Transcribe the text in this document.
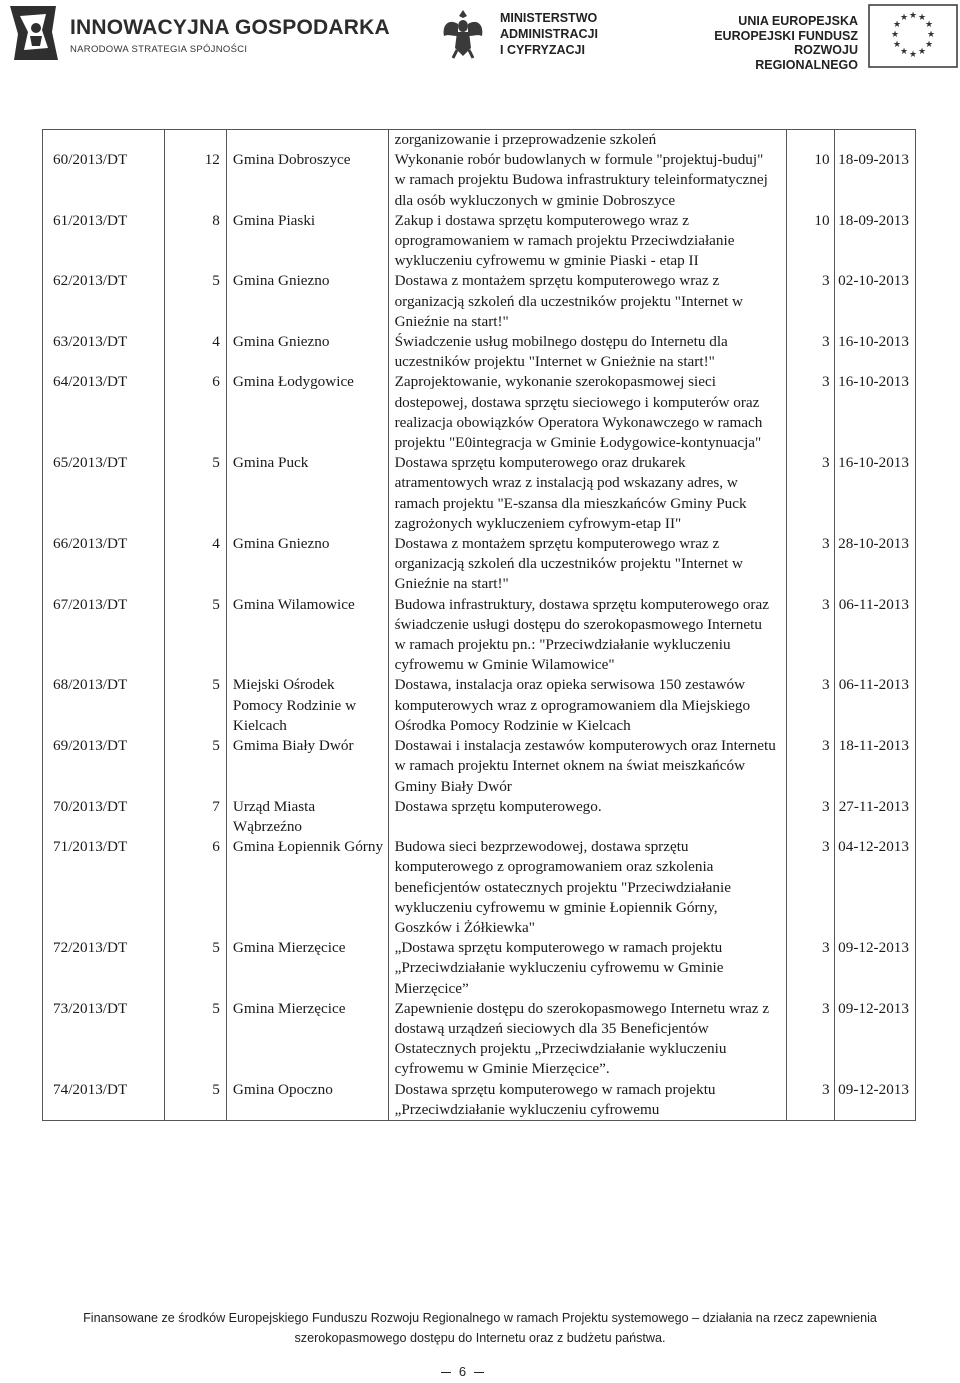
INNOWACYJNA GOSPODARKA
NARODOWA STRATEGIA SPÓJNOŚCI
MINISTERSTWO
ADMINISTRACJI
I CYFRYZACJI
UNIA EUROPEJSKA
EUROPEJSKI FUNDUSZ
ROZWOJU REGIONALNEGO
★ ★
★
★
★
★
★
★
★
★
★
★
			zorganizowanie i przeprowadzenie szkoleń		
60/2013/DT	12	Gmina Dobroszyce	Wykonanie robór budowlanych w formule "projektuj-buduj" w ramach projektu Budowa infrastruktury teleinformatycznej dla osób wykluczonych w gminie Dobroszyce	10	18-09-2013
61/2013/DT	8	Gmina Piaski	Zakup i dostawa sprzętu komputerowego wraz z oprogramowaniem w ramach projektu Przeciwdziałanie wykluczeniu cyfrowemu w gminie Piaski - etap II	10	18-09-2013
62/2013/DT	5	Gmina Gniezno	Dostawa z montażem sprzętu komputerowego wraz z organizacją szkoleń dla uczestników projektu "Internet w Gnieźnie na start!"	3	02-10-2013
63/2013/DT	4	Gmina Gniezno	Świadczenie usług mobilnego dostępu do Internetu dla uczestników projektu "Internet w Gnieżnie na start!"	3	16-10-2013
64/2013/DT	6	Gmina Łodygowice	Zaprojektowanie, wykonanie szerokopasmowej sieci dostepowej, dostawa sprzętu sieciowego i komputerów oraz realizacja obowiązków Operatora Wykonawczego w ramach projektu "E0integracja w Gminie Łodygowice-kontynuacja"	3	16-10-2013
65/2013/DT	5	Gmina Puck	Dostawa sprzętu komputerowego oraz drukarek atramentowych wraz z instalacją pod wskazany adres, w ramach projektu "E-szansa dla mieszkańców Gminy Puck zagrożonych wykluczeniem cyfrowym-etap II"	3	16-10-2013
66/2013/DT	4	Gmina Gniezno	Dostawa z montażem sprzętu komputerowego wraz z organizacją szkoleń dla uczestników projektu "Internet w Gnieźnie na start!"	3	28-10-2013
67/2013/DT	5	Gmina Wilamowice	Budowa infrastruktury, dostawa sprzętu komputerowego oraz świadczenie usługi dostępu do szerokopasmowego Internetu w ramach projektu pn.: "Przeciwdziałanie wykluczeniu cyfrowemu w Gminie Wilamowice"	3	06-11-2013
68/2013/DT	5	Miejski Ośrodek Pomocy Rodzinie w Kielcach	Dostawa, instalacja oraz opieka serwisowa 150 zestawów komputerowych wraz z oprogramowaniem dla Miejskiego Ośrodka Pomocy Rodzinie w Kielcach	3	06-11-2013
69/2013/DT	5	Gmima Biały Dwór	Dostawai i instalacja zestawów komputerowych oraz Internetu w ramach projektu Internet oknem na świat meiszkańców Gminy Biały Dwór	3	18-11-2013
70/2013/DT	7	Urząd Miasta Wąbrzeźno	Dostawa sprzętu komputerowego.	3	27-11-2013
71/2013/DT	6	Gmina Łopiennik Górny	Budowa sieci bezprzewodowej, dostawa sprzętu komputerowego z oprogramowaniem oraz szkolenia beneficjentów ostatecznych projektu "Przeciwdziałanie wykluczeniu cyfrowemu w gminie Łopiennik Górny, Goszków i Żółkiewka"	3	04-12-2013
72/2013/DT	5	Gmina Mierzęcice	„Dostawa sprzętu komputerowego w ramach projektu „Przeciwdziałanie wykluczeniu cyfrowemu w Gminie Mierzęcice”	3	09-12-2013
73/2013/DT	5	Gmina Mierzęcice	Zapewnienie dostępu do szerokopasmowego Internetu wraz z dostawą urządzeń sieciowych dla 35 Beneficjentów Ostatecznych projektu „Przeciwdziałanie wykluczeniu cyfrowemu w Gminie Mierzęcice”.	3	09-12-2013
74/2013/DT	5	Gmina Opoczno	Dostawa sprzętu komputerowego w ramach projektu „Przeciwdziałanie wykluczeniu cyfrowemu	3	09-12-2013
Finansowane ze środków Europejskiego Funduszu Rozwoju Regionalnego w ramach Projektu systemowego – działania na rzecz zapewnienia
szerokopasmowego dostępu do Internetu oraz z budżetu państwa.
6
